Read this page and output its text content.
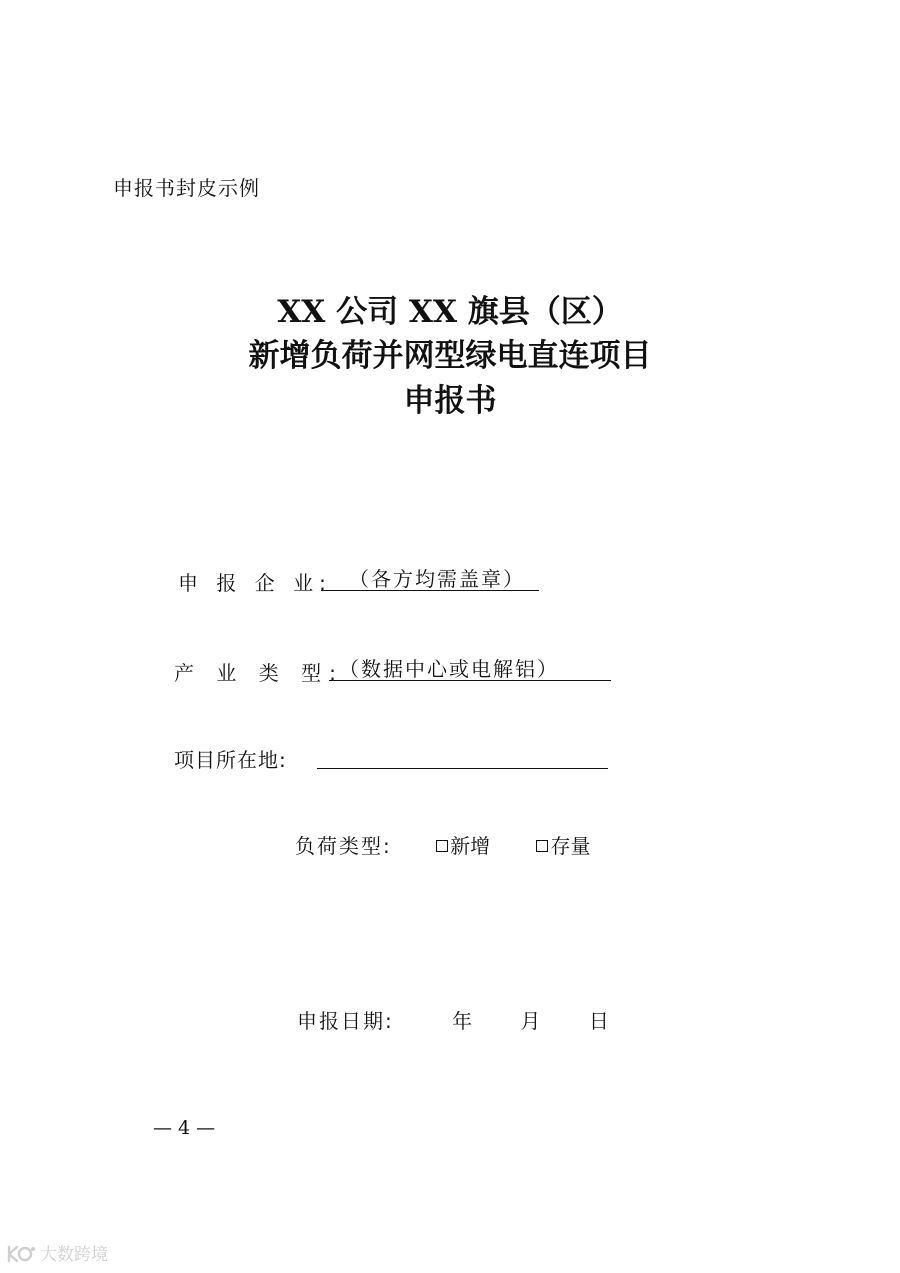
申报书封皮示例
XX 公司 XX 旗县（区）
新增负荷并网型绿电直连项目
申报书
申 报 企 业: （各方均需盖章）
产 业 类 型:
（数据中心或电解铝）
项目所在地:
负荷类型:	新增	存量
申报日期:	年 月 日
— 4 —
大数跨境
